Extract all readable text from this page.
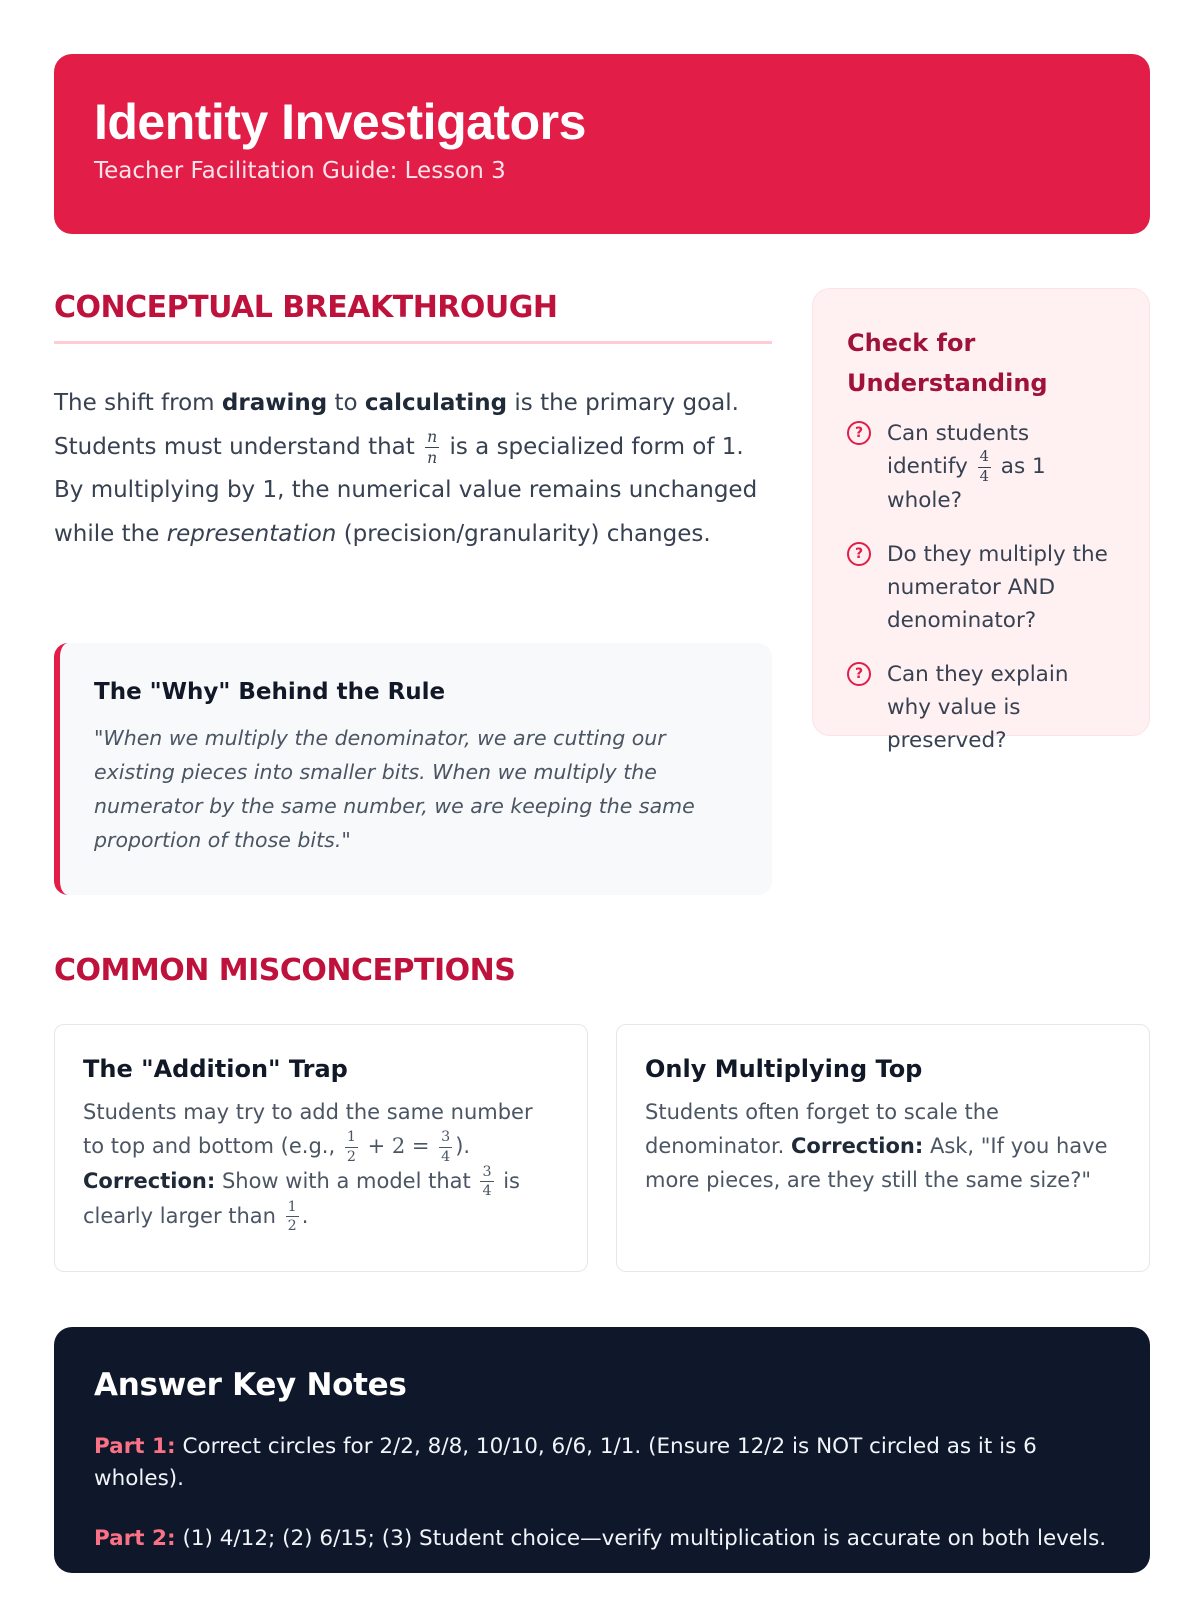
Identity Investigators
Teacher Facilitation Guide: Lesson 3
CONCEPTUAL BREAKTHROUGH

The shift from drawing to calculating is the primary goal. Students must understand that $\frac{n}{n}$ is a specialized form of 1. By multiplying by 1, the numerical value remains unchanged while the representation (precision/granularity) changes.

The "Why" Behind the Rule

"When we multiply the denominator, we are cutting our existing pieces into smaller bits. When we multiply the numerator by the same number, we are keeping the same proportion of those bits."

Check for Understanding
?	Can students identify $\frac{4}{4}$ as 1 whole?
?	Do they multiply the numerator AND denominator?
?	Can they explain why value is preserved?
COMMON MISCONCEPTIONS
The "Addition" Trap

Students may try to add the same number to top and bottom (e.g., $\frac{1}{2} + 2 = \frac{3}{4}$ ).
Correction: Show with a model that $\frac{3}{4}$ is clearly larger than $\frac{1}{2}$ .

Only Multiplying Top

Students often forget to scale the denominator. Correction: Ask, "If you have more pieces, are they still the same size?"

Answer Key Notes

Part 1: Correct circles for 2/2, 8/8, 10/10, 6/6, 1/1. (Ensure 12/2 is NOT circled as it is 6 wholes).

Part 2: (1) 4/12; (2) 6/15; (3) Student choice—verify multiplication is accurate on both levels.
